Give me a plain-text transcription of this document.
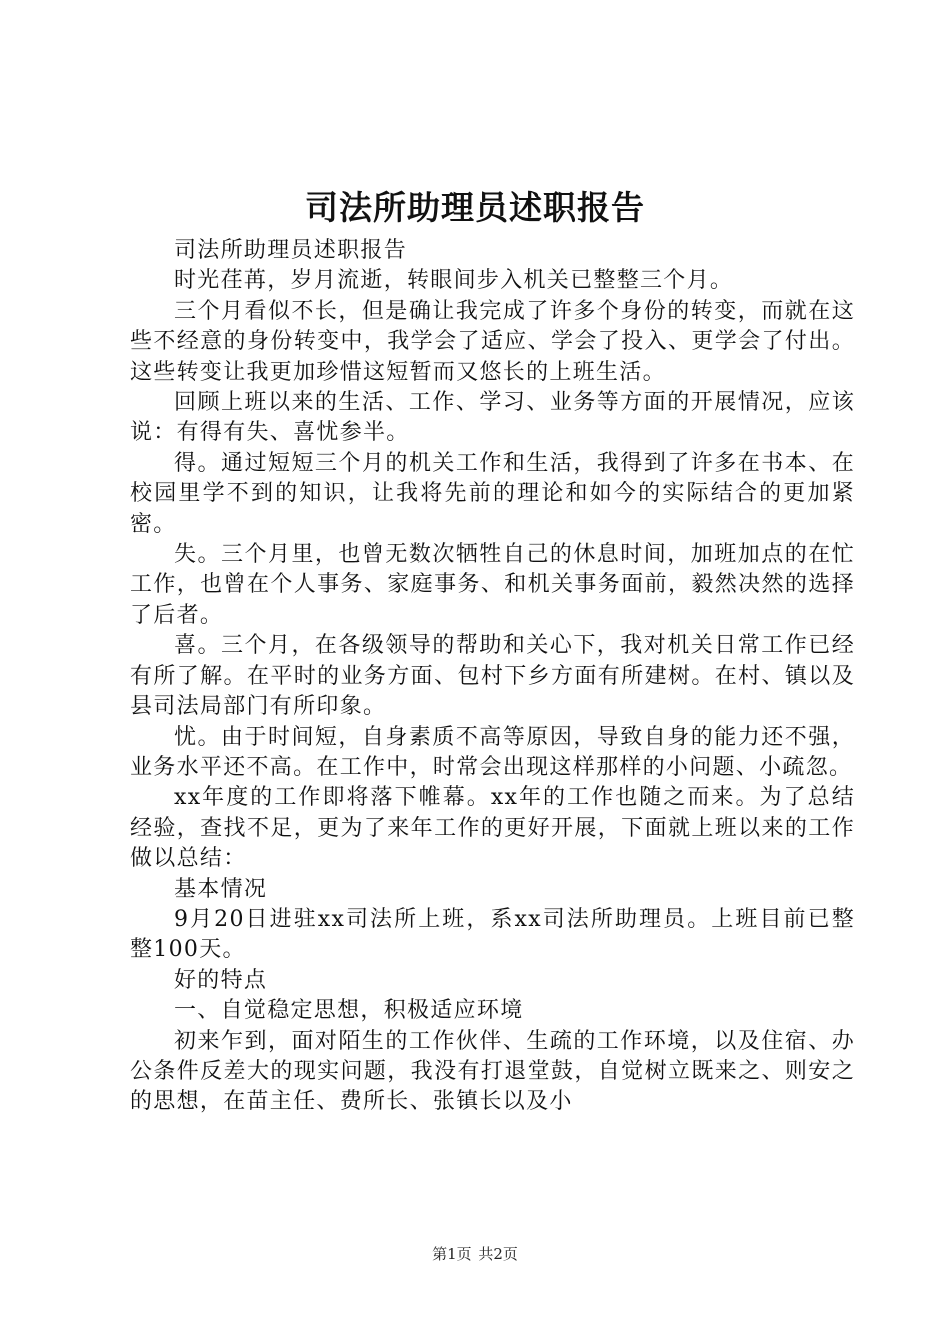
司法所助理员述职报告

司法所助理员述职报告

时光荏苒，岁月流逝，转眼间步入机关已整整三个月。

三个月看似不长，但是确让我完成了许多个身份的转变，而就在这些不经意的身份转变中，我学会了适应、学会了投入、更学会了付出。这些转变让我更加珍惜这短暂而又悠长的上班生活。

回顾上班以来的生活、工作、学习、业务等方面的开展情况，应该说：有得有失、喜忧参半。

得。通过短短三个月的机关工作和生活，我得到了许多在书本、在校园里学不到的知识，让我将先前的理论和如今的实际结合的更加紧密。

失。三个月里，也曾无数次牺牲自己的休息时间，加班加点的在忙工作，也曾在个人事务、家庭事务、和机关事务面前，毅然决然的选择了后者。

喜。三个月，在各级领导的帮助和关心下，我对机关日常工作已经有所了解。在平时的业务方面、包村下乡方面有所建树。在村、镇以及县司法局部门有所印象。

忧。由于时间短，自身素质不高等原因，导致自身的能力还不强，业务水平还不高。在工作中，时常会出现这样那样的小问题、小疏忽。

xx年度的工作即将落下帷幕。xx年的工作也随之而来。为了总结经验，查找不足，更为了来年工作的更好开展，下面就上班以来的工作做以总结：

基本情况

9月20日进驻xx司法所上班，系xx司法所助理员。上班目前已整整100天。

好的特点

一、自觉稳定思想，积极适应环境

初来乍到，面对陌生的工作伙伴、生疏的工作环境，以及住宿、办公条件反差大的现实问题，我没有打退堂鼓，自觉树立既来之、则安之的思想，在苗主任、费所长、张镇长以及小

第1页 共2页
